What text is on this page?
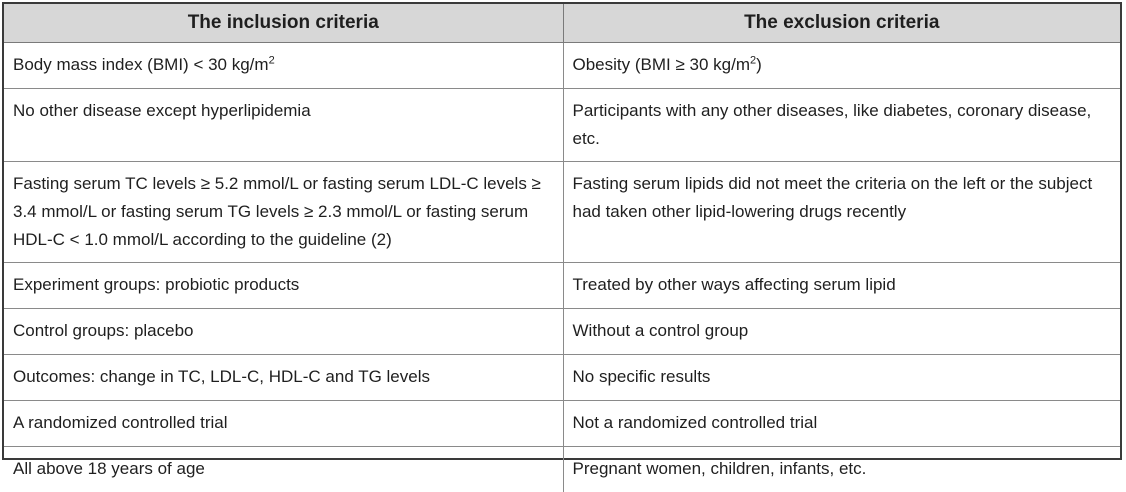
The inclusion criteria	The exclusion criteria
Body mass index (BMI) < 30 $kg/m^2$	Obesity (BMI ≥ 30 $kg/m^2$)
No other disease except hyperlipidemia	Participants with any other diseases, like diabetes, coronary disease, etc.
Fasting serum TC levels ≥ 5.2 mmol/L or fasting serum LDL-C levels ≥ 3.4 mmol/L or fasting serum TG levels ≥ 2.3 mmol/L or fasting serum HDL-C < 1.0 mmol/L according to the guideline (2)	Fasting serum lipids did not meet the criteria on the left or the subject had taken other lipid-lowering drugs recently
Experiment groups: probiotic products	Treated by other ways affecting serum lipid
Control groups: placebo	Without a control group
Outcomes: change in TC, LDL-C, HDL-C and TG levels	No specific results
A randomized controlled trial	Not a randomized controlled trial
All above 18 years of age	Pregnant women, children, infants, etc.
